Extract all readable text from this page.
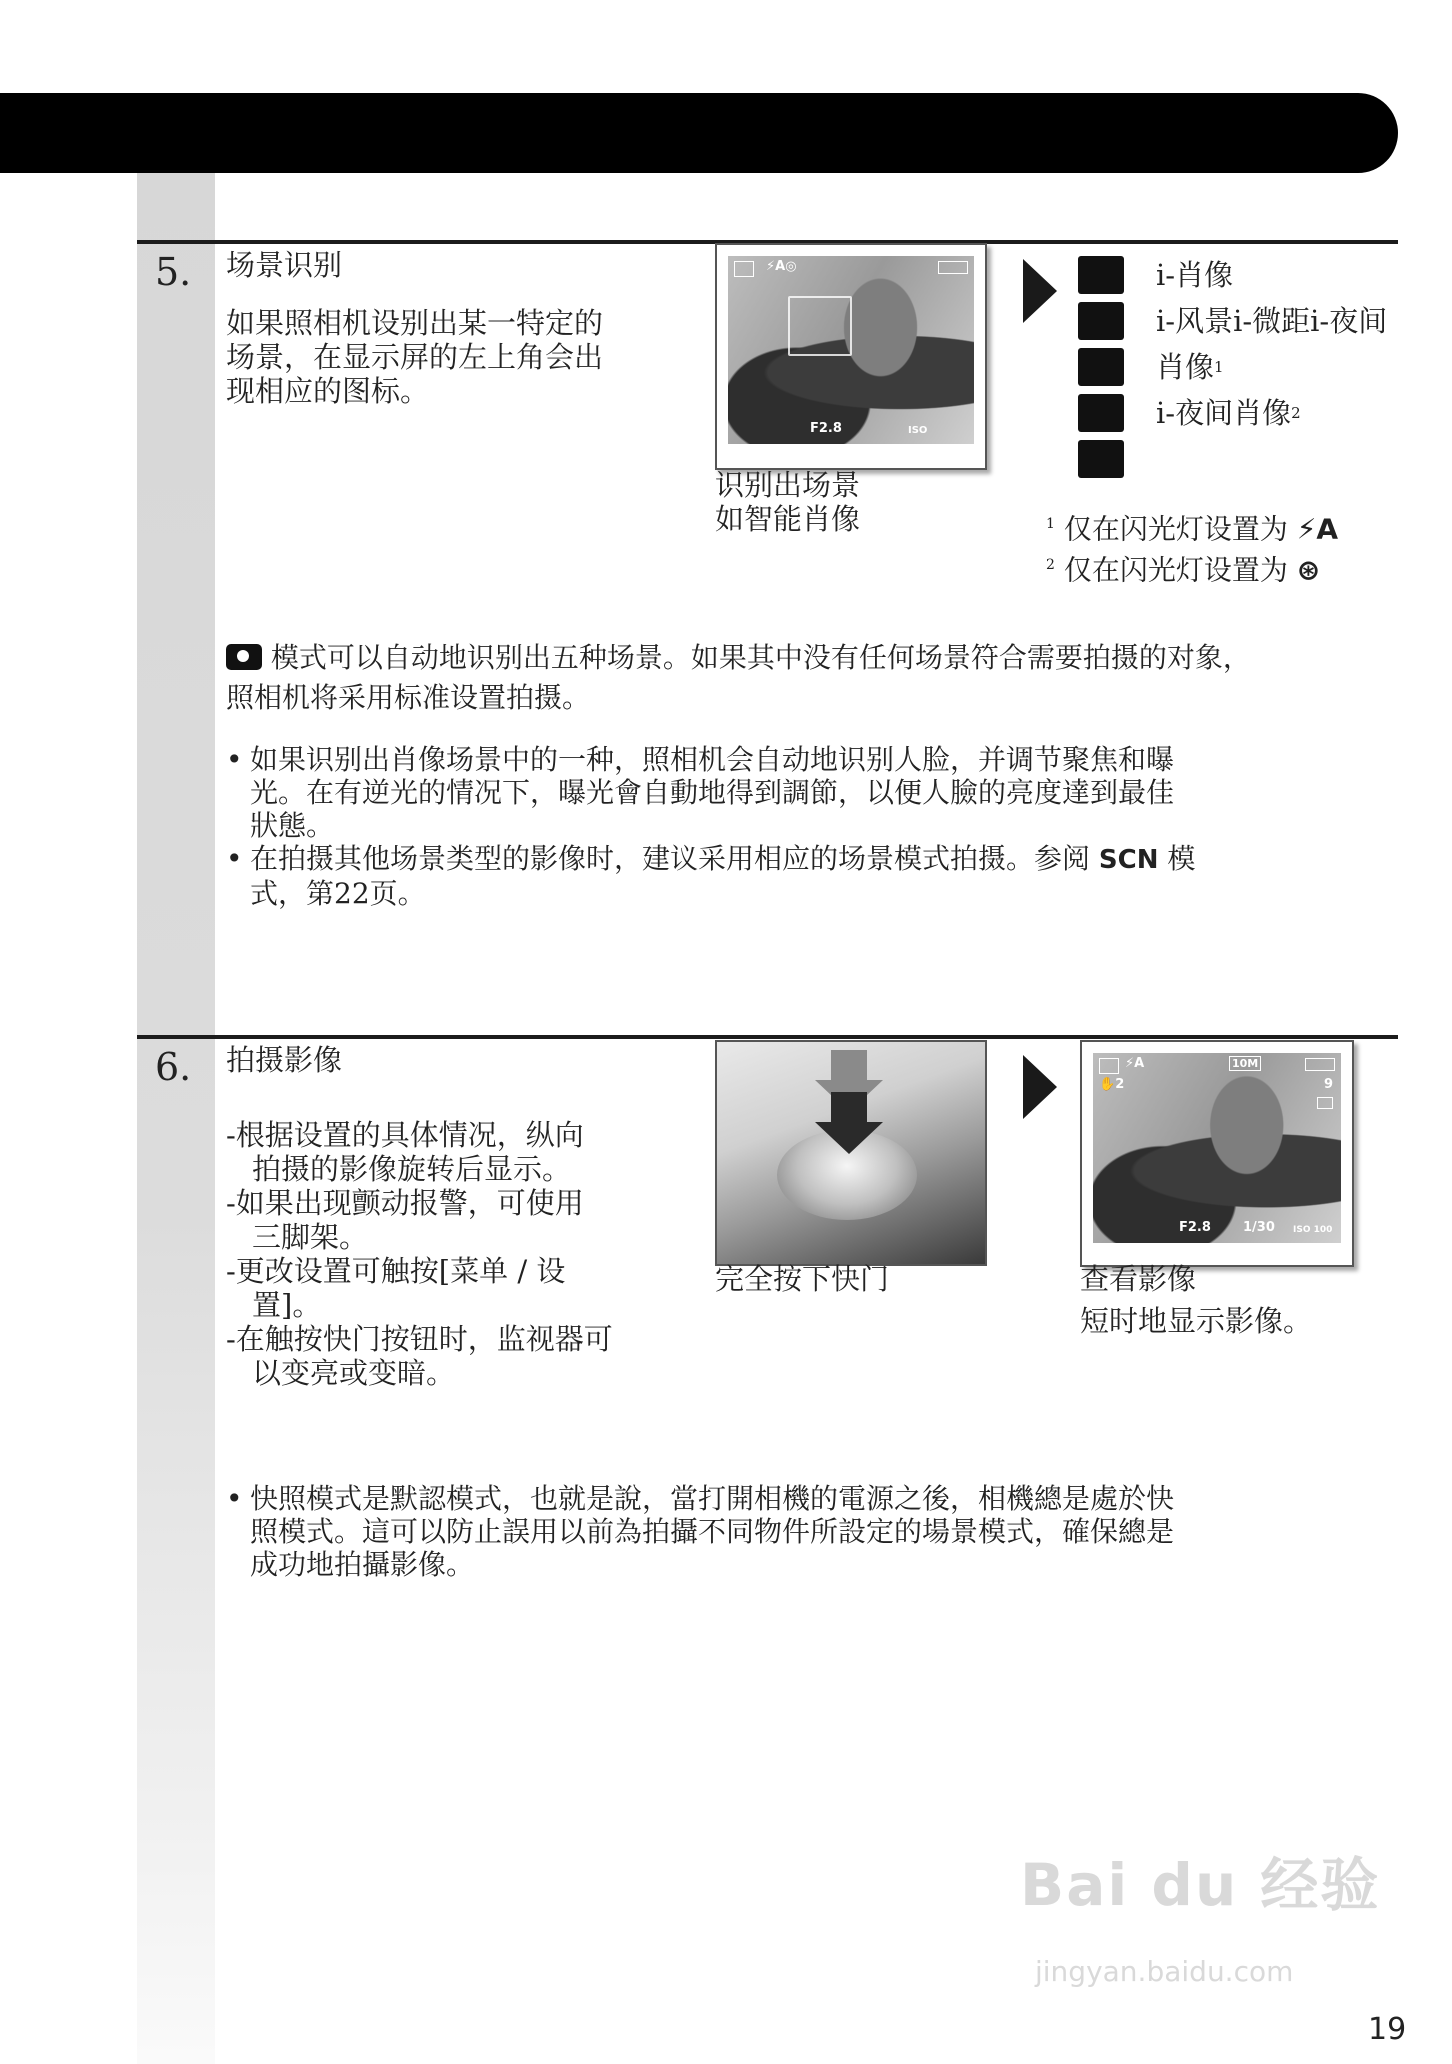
5. 场景识别
如果照相机设别出某一特定的
场景，在显示屏的左上角会出
现相应的图标。
⚡A◎
F2.8	ISO
识别出场景
如智能肖像
i-肖像
i-风景i-微距i-夜间
肖像 1
i-夜间肖像 2
$^1$ 仅在闪光灯设置为 ⚡A
$^2$ 仅在闪光灯设置为 ⊛
模式可以自动地识别出五种场景。如果其中没有任何场景符合需要拍摄的对象，
照相机将采用标准设置拍摄。
• 如果识别出肖像场景中的一种，照相机会自动地识别人脸，并调节聚焦和曝
光。在有逆光的情况下，曝光會自動地得到調節，以便人臉的亮度達到最佳
狀態。
• 在拍摄其他场景类型的影像时，建议采用相应的场景模式拍摄。参阅 SCN 模
式，第22页。
6. 拍摄影像
-根据设置的具体情况，纵向
拍摄的影像旋转后显示。
-如果出现颤动报警，可使用
三脚架。
-更改设置可触按[菜单 / 设
置]。
-在触按快门按钮时，监视器可
以变亮或变暗。
完全按下快门
⚡A
✋2
10M
9
F2.8 1/30 ISO 100
查看影像
短时地显示影像。
• 快照模式是默認模式，也就是說，當打開相機的電源之後，相機總是處於快
照模式。這可以防止誤用以前為拍攝不同物件所設定的場景模式，確保總是
成功地拍攝影像。
Bai du 经验
jingyan.baidu.com
19
